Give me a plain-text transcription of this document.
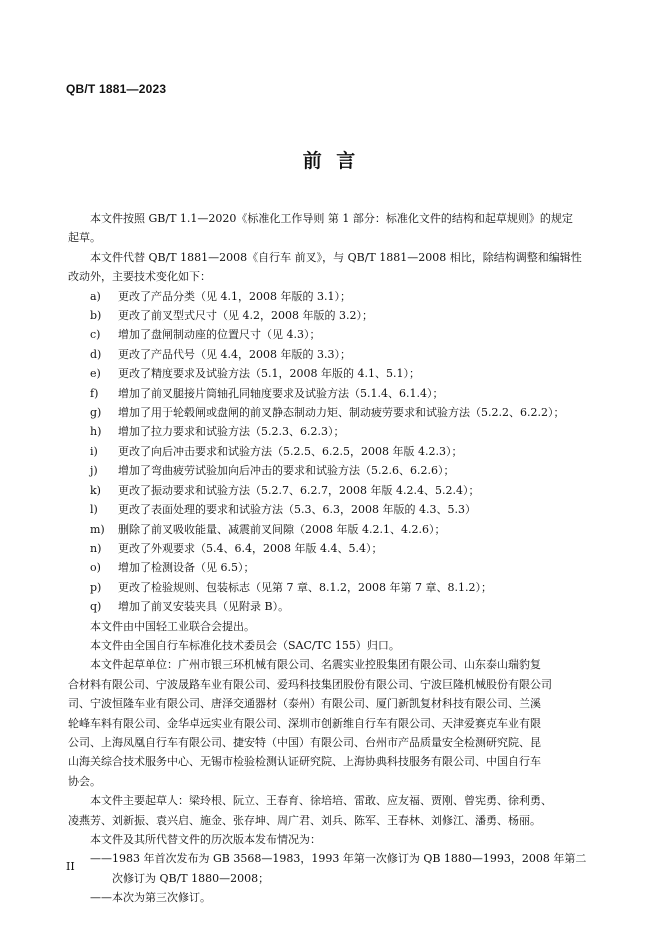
QB/T 1881—2023
前 言

本文件按照 GB/T 1.1—2020《标准化工作导则 第 1 部分：标准化文件的结构和起草规则》的规定

起草。

本文件代替 QB/T 1881—2008《自行车 前叉》，与 QB/T 1881—2008 相比，除结构调整和编辑性

改动外，主要技术变化如下：

a) 更改了产品分类（见 4.1，2008 年版的 3.1）；
b) 更改了前叉型式尺寸（见 4.2，2008 年版的 3.2）；
c) 增加了盘闸制动座的位置尺寸（见 4.3）；
d) 更改了产品代号（见 4.4，2008 年版的 3.3）；
e) 更改了精度要求及试验方法（5.1，2008 年版的 4.1、5.1）；
f) 增加了前叉腿接片筒轴孔同轴度要求及试验方法（5.1.4、6.1.4）；
g) 增加了用于轮毂闸或盘闸的前叉静态制动力矩、制动疲劳要求和试验方法（5.2.2、6.2.2）；
h) 增加了拉力要求和试验方法（5.2.3、6.2.3）；
i) 更改了向后冲击要求和试验方法（5.2.5、6.2.5，2008 年版 4.2.3）；
j) 增加了弯曲疲劳试验加向后冲击的要求和试验方法（5.2.6、6.2.6）；
k) 更改了振动要求和试验方法（5.2.7、6.2.7，2008 年版 4.2.4、5.2.4）；
l) 更改了表面处理的要求和试验方法（5.3、6.3，2008 年版的 4.3、5.3）
m) 删除了前叉吸收能量、减震前叉间隙（2008 年版 4.2.1、4.2.6）；
n) 更改了外观要求（5.4、6.4，2008 年版 4.4、5.4）；
o) 增加了检测设备（见 6.5）；
p) 更改了检验规则、包装标志（见第 7 章、8.1.2，2008 年第 7 章、8.1.2）；
q) 增加了前叉安装夹具（见附录 B）。

本文件由中国轻工业联合会提出。

本文件由全国自行车标准化技术委员会（SAC/TC 155）归口。

本文件起草单位：广州市银三环机械有限公司、名震实业控股集团有限公司、山东泰山瑞豹复

合材料有限公司、宁波晟路车业有限公司、爱玛科技集团股份有限公司、宁波巨隆机械股份有限公司

司、宁波恒隆车业有限公司、唐泽交通器材（泰州）有限公司、厦门新凯复材科技有限公司、兰溪

轮峰车料有限公司、金华卓远实业有限公司、深圳市创新维自行车有限公司、天津爱赛克车业有限

公司、上海凤凰自行车有限公司、捷安特（中国）有限公司、台州市产品质量安全检测研究院、昆

山海关综合技术服务中心、无锡市检验检测认证研究院、上海协典科技服务有限公司、中国自行车

协会。

本文件主要起草人：梁玲根、阮立、王春育、徐培培、雷敢、应友福、贾刚、曾宪勇、徐利勇、

凌燕芳、刘新振、袁兴启、施金、张存坤、周广君、刘兵、陈军、王春林、刘修江、潘勇、杨丽。

本文件及其所代替文件的历次版本发布情况为：

——1983 年首次发布为 GB 3568—1983，1993 年第一次修订为 QB 1880—1993，2008 年第二

次修订为 QB/T 1880—2008；

——本次为第三次修订。

II
